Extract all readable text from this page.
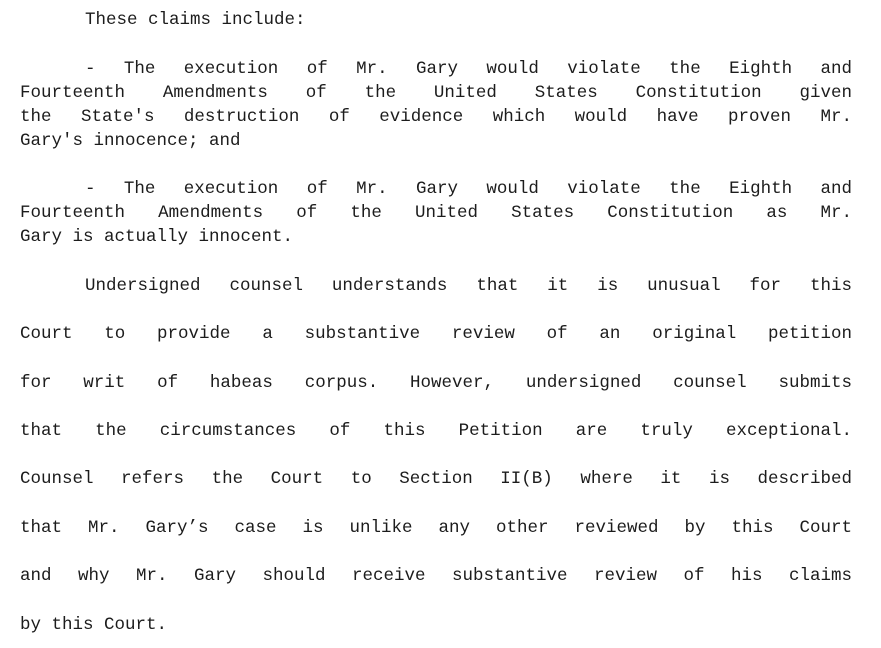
These claims include:
- The execution of Mr. Gary would violate the Eighth and
Fourteenth Amendments of the United States Constitution given
the State's destruction of evidence which would have proven Mr.
Gary's innocence; and
- The execution of Mr. Gary would violate the Eighth and
Fourteenth Amendments of the United States Constitution as Mr.
Gary is actually innocent.
Undersigned counsel understands that it is unusual for this
Court to provide a substantive review of an original petition
for writ of habeas corpus. However, undersigned counsel submits
that the circumstances of this Petition are truly exceptional.
Counsel refers the Court to Section II(B) where it is described
that Mr. Gary’s case is unlike any other reviewed by this Court
and why Mr. Gary should receive substantive review of his claims
by this Court.
